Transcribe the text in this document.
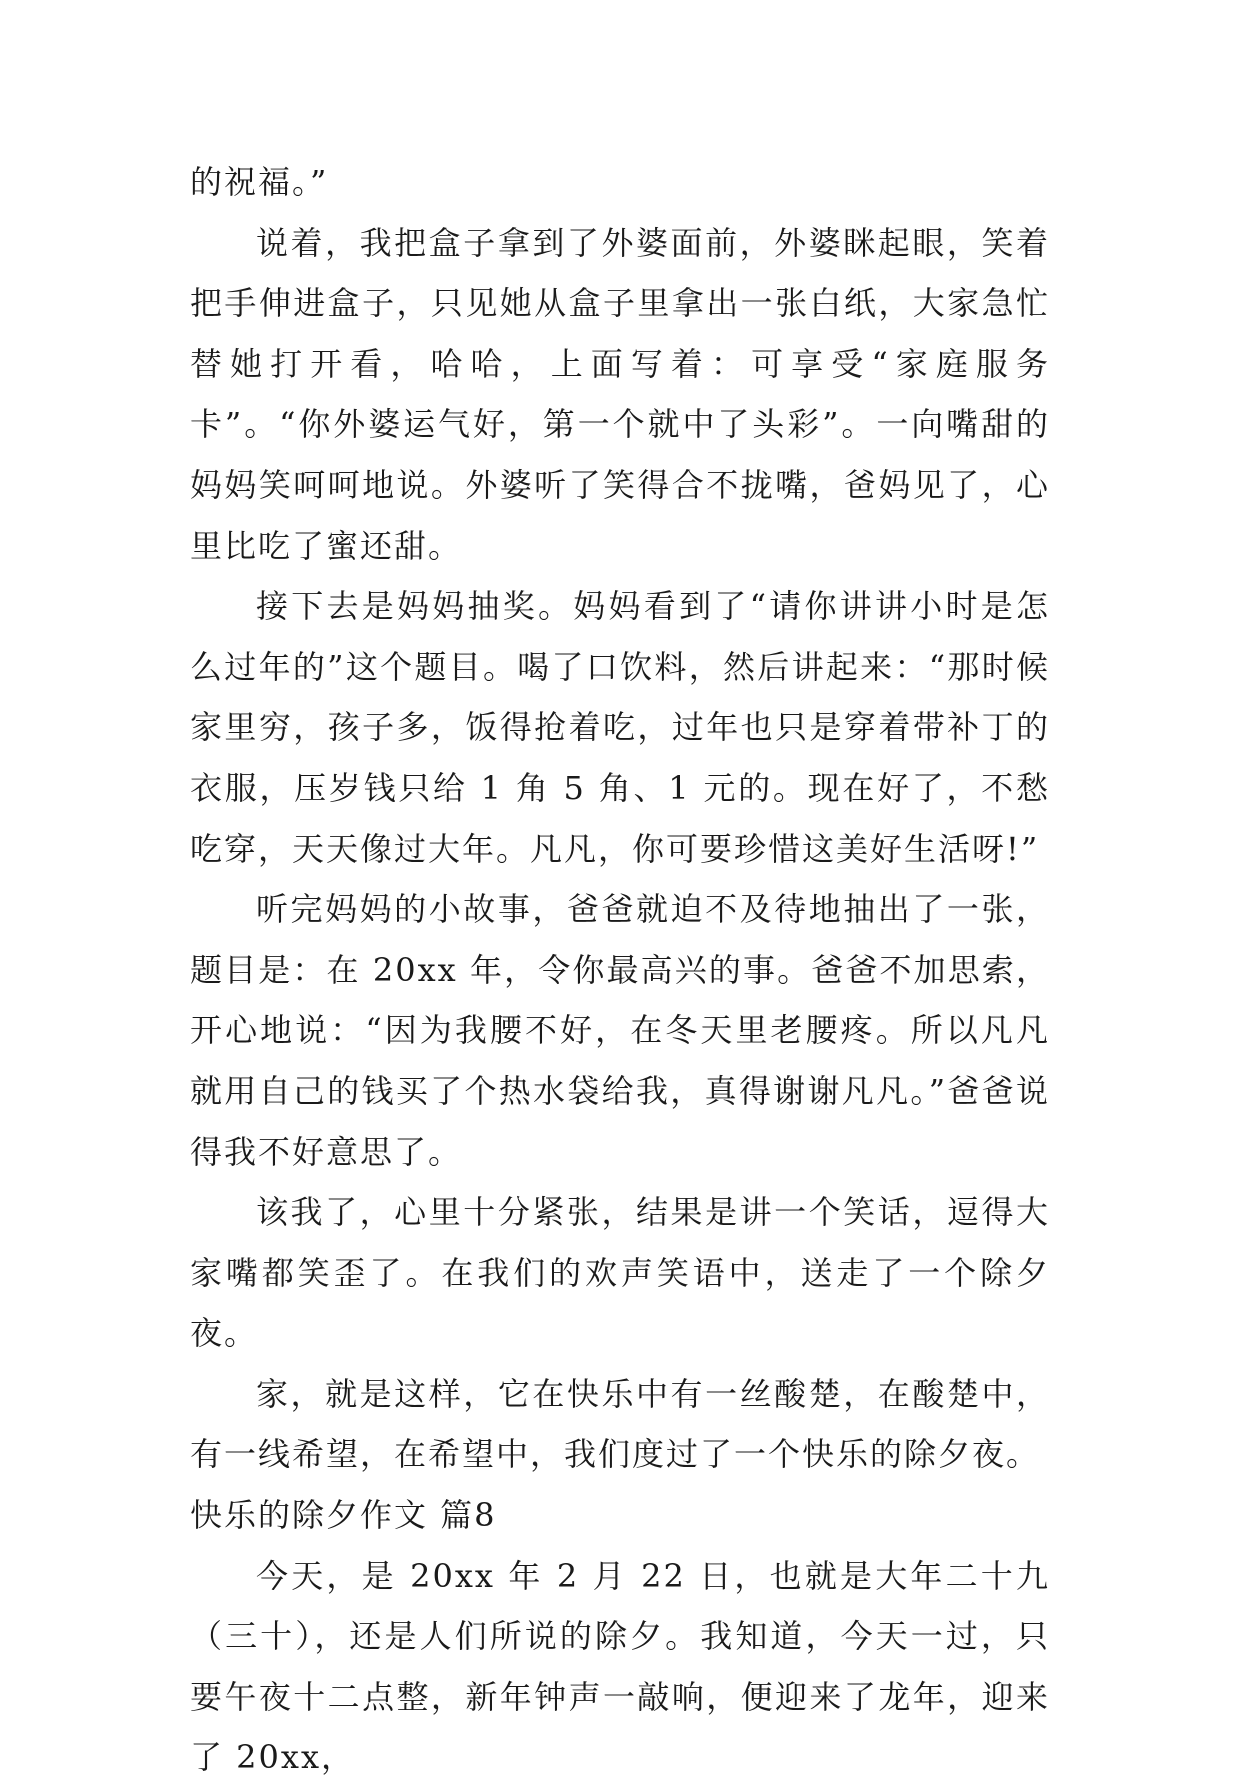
的祝福。”

说着，我把盒子拿到了外婆面前，外婆眯起眼，笑着把手伸进盒子，只见她从盒子里拿出一张白纸，大家急忙替她打开看，哈哈，上面写着：可享受“家庭服务卡”。“你外婆运气好，第一个就中了头彩”。一向嘴甜的妈妈笑呵呵地说。外婆听了笑得合不拢嘴，爸妈见了，心里比吃了蜜还甜。

接下去是妈妈抽奖。妈妈看到了“请你讲讲小时是怎么过年的”这个题目。喝了口饮料，然后讲起来：“那时候家里穷，孩子多，饭得抢着吃，过年也只是穿着带补丁的衣服，压岁钱只给 1 角 5 角、1 元的。现在好了，不愁吃穿，天天像过大年。凡凡，你可要珍惜这美好生活呀!”

听完妈妈的小故事，爸爸就迫不及待地抽出了一张，题目是：在 20xx 年，令你最高兴的事。爸爸不加思索，开心地说：“因为我腰不好，在冬天里老腰疼。所以凡凡就用自己的钱买了个热水袋给我，真得谢谢凡凡。”爸爸说得我不好意思了。

该我了，心里十分紧张，结果是讲一个笑话，逗得大家嘴都笑歪了。在我们的欢声笑语中，送走了一个除夕夜。

家，就是这样，它在快乐中有一丝酸楚，在酸楚中，有一线希望，在希望中，我们度过了一个快乐的除夕夜。

快乐的除夕作文 篇8

今天，是 20xx 年 2 月 22 日，也就是大年二十九（三十），还是人们所说的除夕。我知道，今天一过，只要午夜十二点整，新年钟声一敲响，便迎来了龙年，迎来了 20xx，
